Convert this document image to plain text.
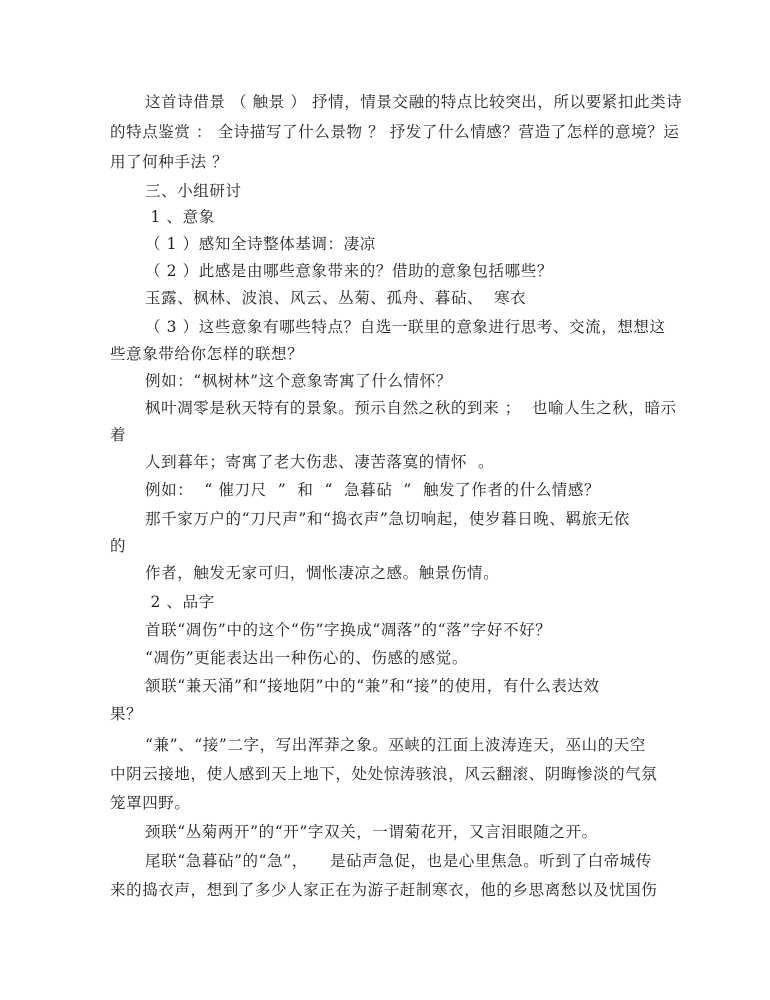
这首诗借景 （ 触景 ） 抒情，情景交融的特点比较突出，所以要紧扣此类诗
的特点鉴赏 ： 全诗描写了什么景物 ？ 抒发了什么情感？营造了怎样的意境？运
用了何种手法 ？
三、小组研讨
1 、意象
（ 1 ）感知全诗整体基调：凄凉
（ 2 ）此感是由哪些意象带来的？借助的意象包括哪些？
玉露、枫林、波浪、风云、丛菊、孤舟、暮砧、  寒衣
（ 3 ）这些意象有哪些特点？自选一联里的意象进行思考、交流，想想这
些意象带给你怎样的联想？
例如：“枫树林”这个意象寄寓了什么情怀？
枫叶凋零是秋天特有的景象。预示自然之秋的到来 ；  也喻人生之秋，暗示
着
人到暮年；寄寓了老大伤悲、凄苦落寞的情怀  。
例如：  “ 催刀尺  ”  和  “  急暮砧  ”  触发了作者的什么情感？
那千家万户的“刀尺声”和“捣衣声”急切响起，使岁暮日晚、羁旅无依
的
作者，触发无家可归，惆怅凄凉之感。触景伤情。
2 、品字
首联“凋伤”中的这个“伤”字换成“凋落”的“落”字好不好？
“凋伤”更能表达出一种伤心的、伤感的感觉。
颔联“兼天涌”和“接地阴”中的“兼”和“接”的使用，有什么表达效
果？
“兼”、“接”二字，写出浑莽之象。巫峡的江面上波涛连天，巫山的天空
中阴云接地，使人感到天上地下，处处惊涛骇浪，风云翻滚、阴晦惨淡的气氛
笼罩四野。
颈联“丛菊两开”的“开”字双关，一谓菊花开，又言泪眼随之开。
尾联“急暮砧”的“急”，    是砧声急促，也是心里焦急。听到了白帝城传
来的捣衣声，想到了多少人家正在为游子赶制寒衣，他的乡思离愁以及忧国伤
